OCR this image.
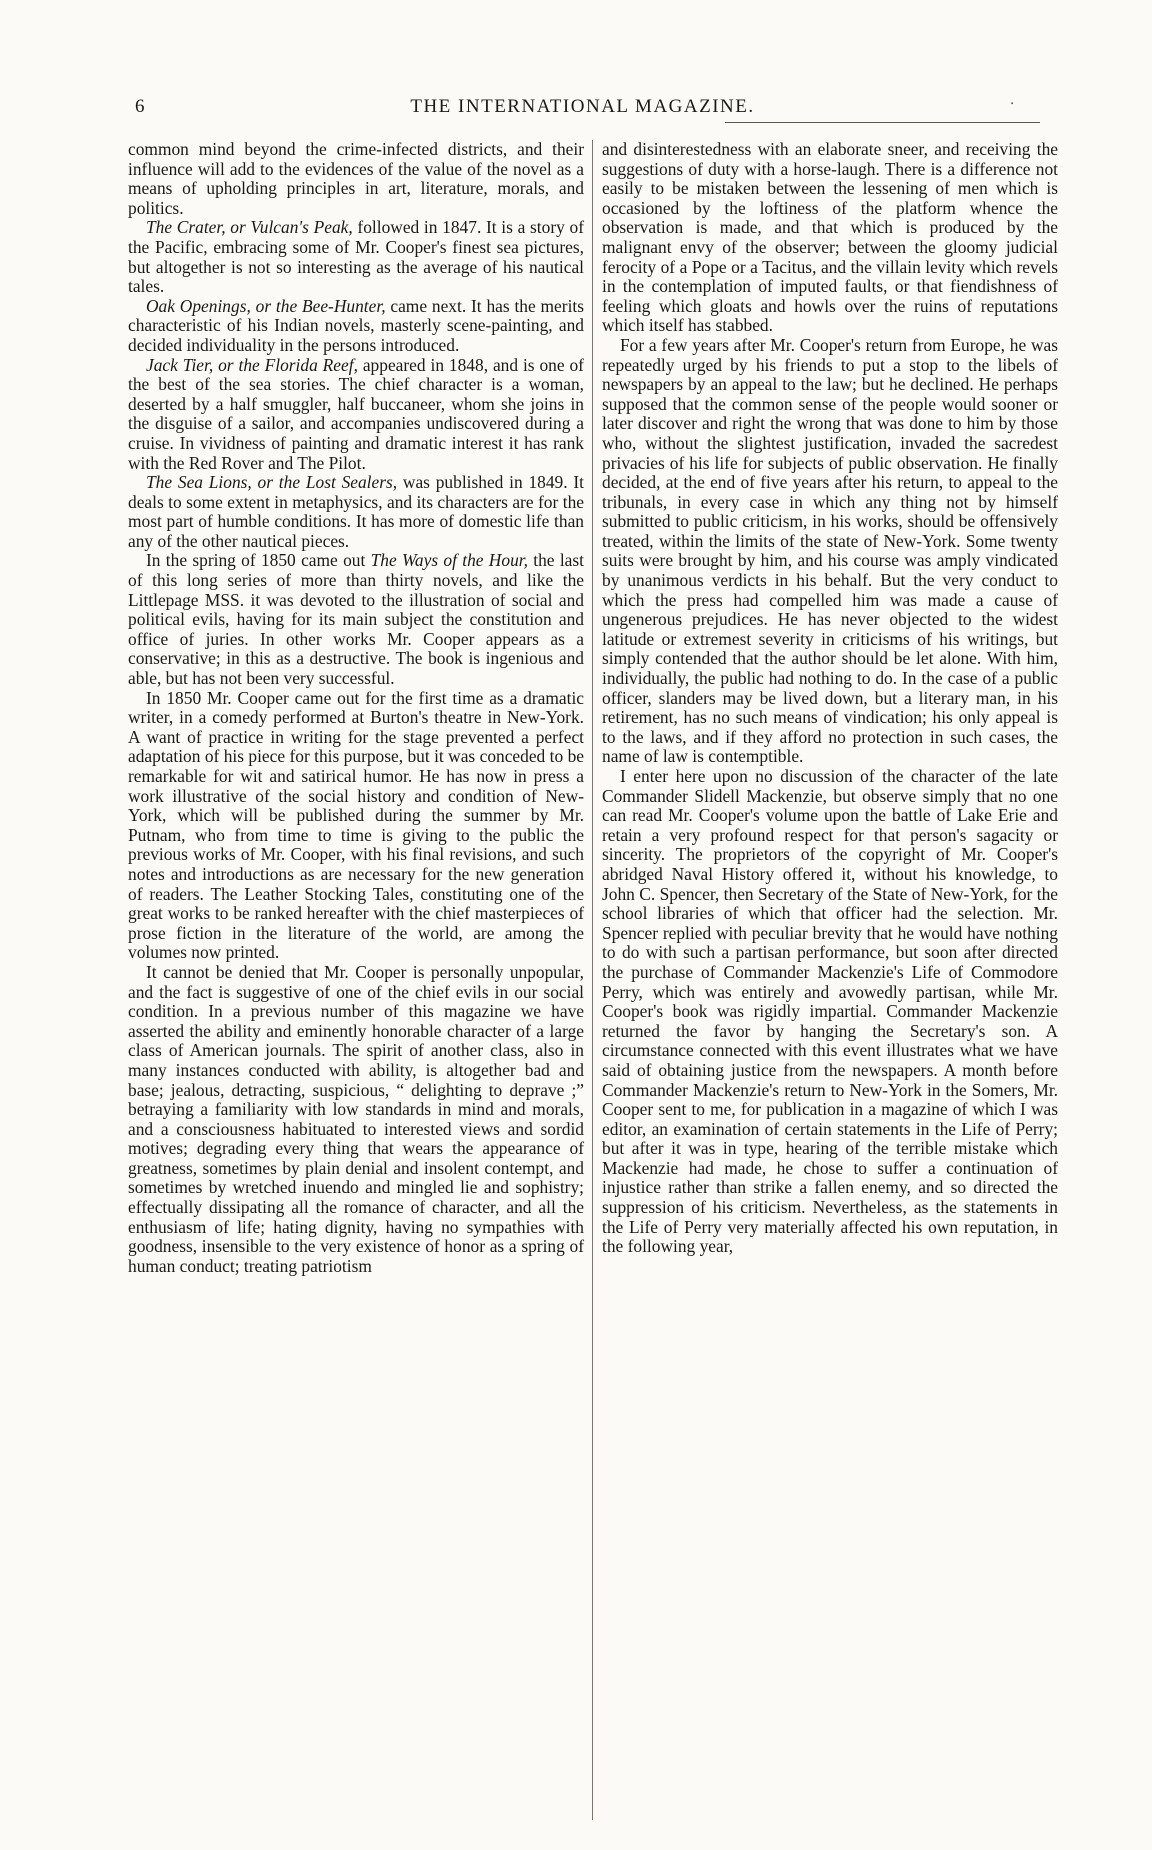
⸳
6	THE INTERNATIONAL MAGAZINE.

common mind beyond the crime-infected districts, and their influence will add to the evidences of the value of the novel as a means of upholding principles in art, literature, morals, and politics.

The Crater, or Vulcan's Peak, followed in 1847. It is a story of the Pacific, embracing some of Mr. Cooper's finest sea pictures, but altogether is not so interesting as the average of his nautical tales.

Oak Openings, or the Bee-Hunter, came next. It has the merits characteristic of his Indian novels, masterly scene-painting, and decided individuality in the persons introduced.

Jack Tier, or the Florida Reef, appeared in 1848, and is one of the best of the sea stories. The chief character is a woman, deserted by a half smuggler, half buccaneer, whom she joins in the disguise of a sailor, and accompanies undiscovered during a cruise. In vividness of painting and dramatic interest it has rank with the Red Rover and The Pilot.

The Sea Lions, or the Lost Sealers, was published in 1849. It deals to some extent in metaphysics, and its characters are for the most part of humble conditions. It has more of domestic life than any of the other nautical pieces.

In the spring of 1850 came out The Ways of the Hour, the last of this long series of more than thirty novels, and like the Littlepage MSS. it was devoted to the illustration of social and political evils, having for its main subject the constitution and office of juries. In other works Mr. Cooper appears as a conservative; in this as a destructive. The book is ingenious and able, but has not been very successful.

In 1850 Mr. Cooper came out for the first time as a dramatic writer, in a comedy performed at Burton's theatre in New-York. A want of practice in writing for the stage prevented a perfect adaptation of his piece for this purpose, but it was conceded to be remarkable for wit and satirical humor. He has now in press a work illustrative of the social history and condition of New-York, which will be published during the summer by Mr. Putnam, who from time to time is giving to the public the previous works of Mr. Cooper, with his final revisions, and such notes and introductions as are necessary for the new generation of readers. The Leather Stocking Tales, constituting one of the great works to be ranked hereafter with the chief masterpieces of prose fiction in the literature of the world, are among the volumes now printed.

It cannot be denied that Mr. Cooper is personally unpopular, and the fact is suggestive of one of the chief evils in our social condition. In a previous number of this magazine we have asserted the ability and eminently honorable character of a large class of American journals. The spirit of another class, also in many instances conducted with ability, is altogether bad and base; jealous, detracting, suspicious, “ delighting to deprave ;” betraying a familiarity with low standards in mind and morals, and a consciousness habituated to interested views and sordid motives; degrading every thing that wears the appearance of greatness, sometimes by plain denial and insolent contempt, and sometimes by wretched inuendo and mingled lie and sophistry; effectually dissipating all the romance of character, and all the enthusiasm of life; hating dignity, having no sympathies with goodness, insensible to the very existence of honor as a spring of human conduct; treating patriotism

and disinterestedness with an elaborate sneer, and receiving the suggestions of duty with a horse-laugh. There is a difference not easily to be mistaken between the lessening of men which is occasioned by the loftiness of the platform whence the observation is made, and that which is produced by the malignant envy of the observer; between the gloomy judicial ferocity of a Pope or a Tacitus, and the villain levity which revels in the contemplation of imputed faults, or that fiendishness of feeling which gloats and howls over the ruins of reputations which itself has stabbed.

For a few years after Mr. Cooper's return from Europe, he was repeatedly urged by his friends to put a stop to the libels of newspapers by an appeal to the law; but he declined. He perhaps supposed that the common sense of the people would sooner or later discover and right the wrong that was done to him by those who, without the slightest justification, invaded the sacredest privacies of his life for subjects of public observation. He finally decided, at the end of five years after his return, to appeal to the tribunals, in every case in which any thing not by himself submitted to public criticism, in his works, should be offensively treated, within the limits of the state of New-York. Some twenty suits were brought by him, and his course was amply vindicated by unanimous verdicts in his behalf. But the very conduct to which the press had compelled him was made a cause of ungenerous prejudices. He has never objected to the widest latitude or extremest severity in criticisms of his writings, but simply contended that the author should be let alone. With him, individually, the public had nothing to do. In the case of a public officer, slanders may be lived down, but a literary man, in his retirement, has no such means of vindication; his only appeal is to the laws, and if they afford no protection in such cases, the name of law is contemptible.

I enter here upon no discussion of the character of the late Commander Slidell Mackenzie, but observe simply that no one can read Mr. Cooper's volume upon the battle of Lake Erie and retain a very profound respect for that person's sagacity or sincerity. The proprietors of the copyright of Mr. Cooper's abridged Naval History offered it, without his knowledge, to John C. Spencer, then Secretary of the State of New-York, for the school libraries of which that officer had the selection. Mr. Spencer replied with peculiar brevity that he would have nothing to do with such a partisan performance, but soon after directed the purchase of Commander Mackenzie's Life of Commodore Perry, which was entirely and avowedly partisan, while Mr. Cooper's book was rigidly impartial. Commander Mackenzie returned the favor by hanging the Secretary's son. A circumstance connected with this event illustrates what we have said of obtaining justice from the newspapers. A month before Commander Mackenzie's return to New-York in the Somers, Mr. Cooper sent to me, for publication in a magazine of which I was editor, an examination of certain statements in the Life of Perry; but after it was in type, hearing of the terrible mistake which Mackenzie had made, he chose to suffer a continuation of injustice rather than strike a fallen enemy, and so directed the suppression of his criticism. Nevertheless, as the statements in the Life of Perry very materially affected his own reputation, in the following year,
